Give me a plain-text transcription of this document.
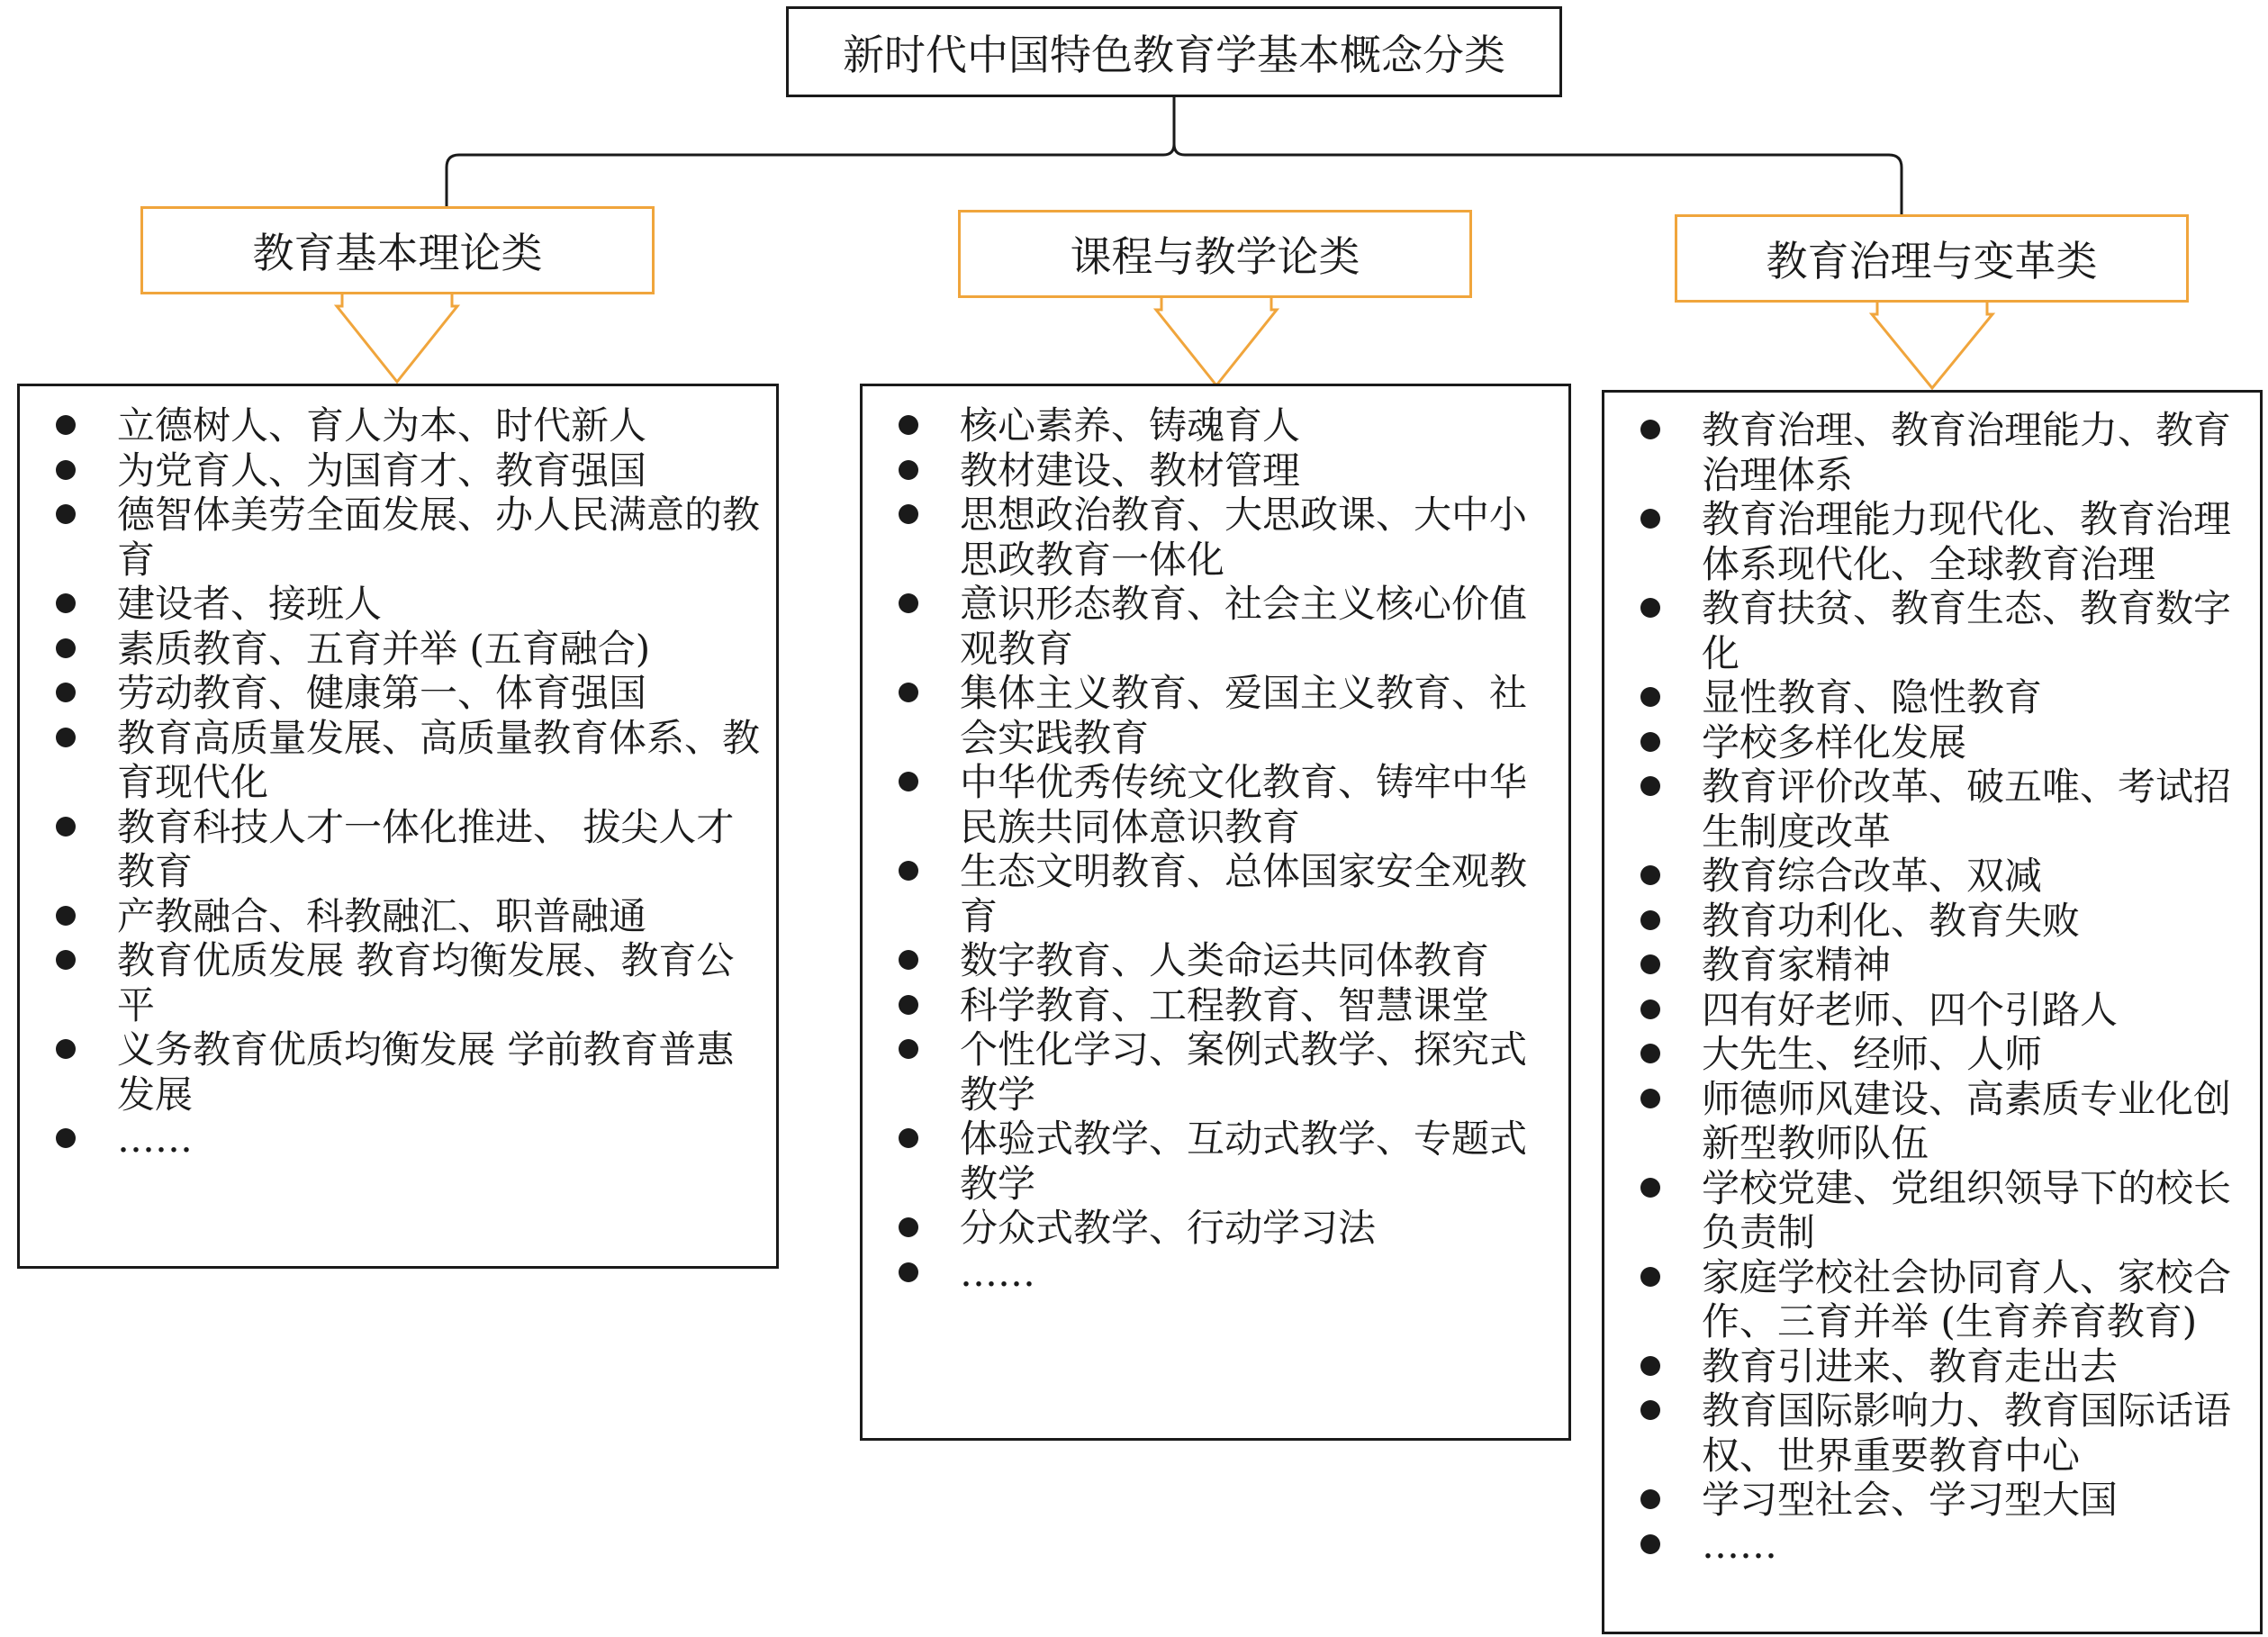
新时代中国特色教育学基本概念分类
教育基本理论类	课程与教学论类	教育治理与变革类
立德树人、育人为本、时代新人
为党育人、为国育才、教育强国
德智体美劳全面发展、办人民满意的教育
建设者、接班人
素质教育、五育并举 (五育融合)
劳动教育、健康第一、体育强国
教育高质量发展、高质量教育体系、教育现代化
教育科技人才一体化推进、 拔尖人才教育
产教融合、科教融汇、职普融通
教育优质发展 教育均衡发展、教育公平
义务教育优质均衡发展 学前教育普惠发展
……
核心素养、铸魂育人
教材建设、教材管理
思想政治教育、大思政课、大中小思政教育一体化
意识形态教育、社会主义核心价值观教育
集体主义教育、爱国主义教育、社会实践教育
中华优秀传统文化教育、铸牢中华民族共同体意识教育
生态文明教育、总体国家安全观教育
数字教育、人类命运共同体教育
科学教育、工程教育、智慧课堂
个性化学习、案例式教学、探究式教学
体验式教学、互动式教学、专题式教学
分众式教学、行动学习法
……
教育治理、教育治理能力、教育治理体系
教育治理能力现代化、教育治理体系现代化、全球教育治理
教育扶贫、教育生态、教育数字化
显性教育、隐性教育
学校多样化发展
教育评价改革、破五唯、考试招生制度改革
教育综合改革、双减
教育功利化、教育失败
教育家精神
四有好老师、四个引路人
大先生、经师、人师
师德师风建设、高素质专业化创新型教师队伍
学校党建、党组织领导下的校长负责制
家庭学校社会协同育人、家校合作、三育并举 (生育养育教育)
教育引进来、教育走出去
教育国际影响力、教育国际话语权、世界重要教育中心
学习型社会、学习型大国
……
